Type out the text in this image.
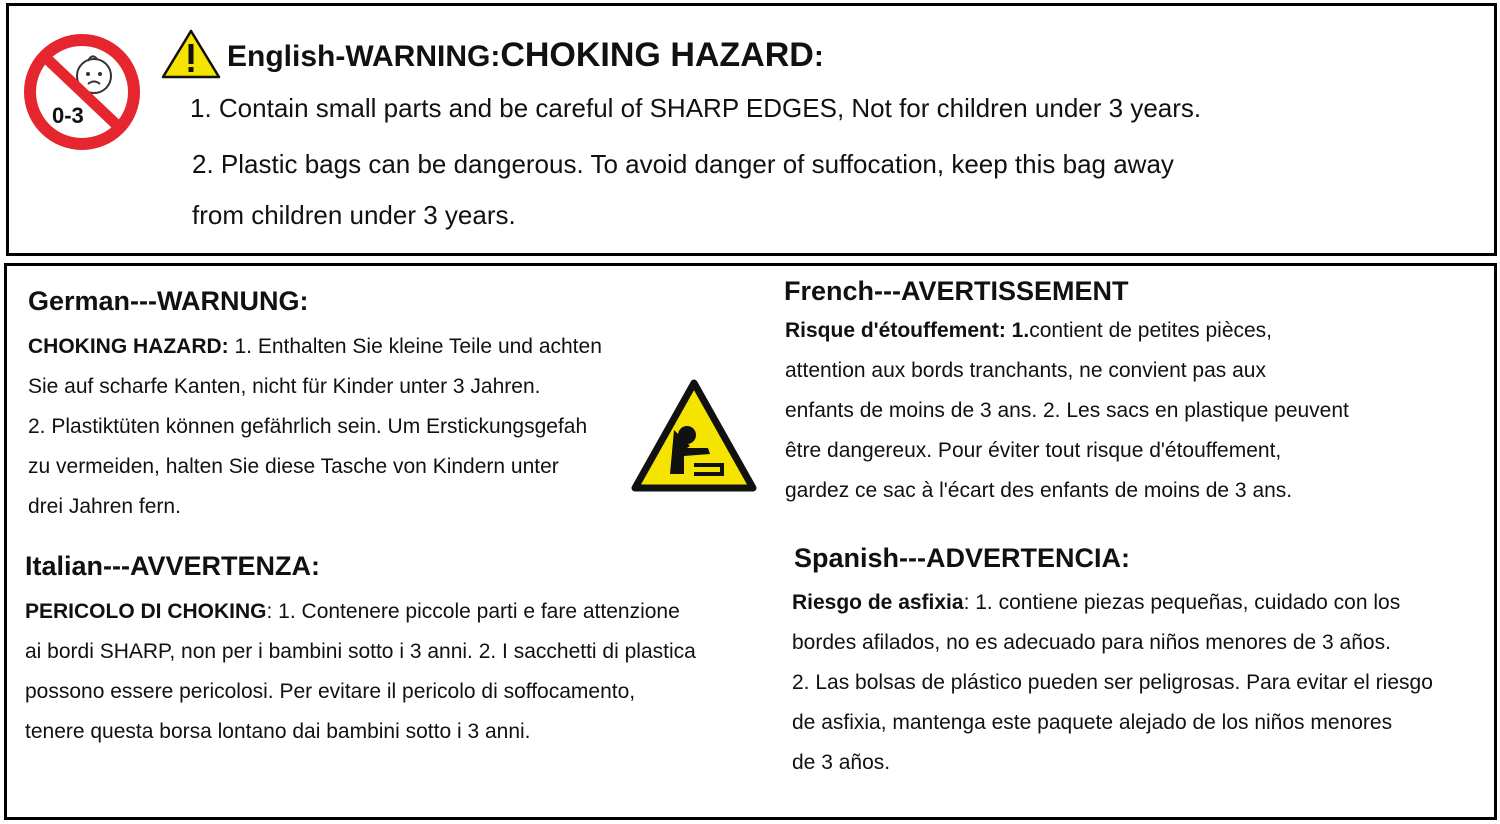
0-3
English-WARNING:CHOKING HAZARD:
1. Contain small parts and be careful of SHARP EDGES, Not for children under 3 years.
2. Plastic bags can be dangerous. To avoid danger of suffocation, keep this bag away
from children under 3 years.
German---WARNUNG:
CHOKING HAZARD: 1. Enthalten Sie kleine Teile und achten
Sie auf scharfe Kanten, nicht für Kinder unter 3 Jahren.
2. Plastiktüten können gefährlich sein. Um Erstickungsgefah
zu vermeiden, halten Sie diese Tasche von Kindern unter
drei Jahren fern.
French---AVERTISSEMENT
Risque d'étouffement: 1.contient de petites pièces,
attention aux bords tranchants, ne convient pas aux
enfants de moins de 3 ans. 2. Les sacs en plastique peuvent
être dangereux. Pour éviter tout risque d'étouffement,
gardez ce sac à l'écart des enfants de moins de 3 ans.
Italian---AVVERTENZA:
PERICOLO DI CHOKING: 1. Contenere piccole parti e fare attenzione
ai bordi SHARP, non per i bambini sotto i 3 anni. 2. I sacchetti di plastica
possono essere pericolosi. Per evitare il pericolo di soffocamento,
tenere questa borsa lontano dai bambini sotto i 3 anni.
Spanish---ADVERTENCIA:
Riesgo de asfixia: 1. contiene piezas pequeñas, cuidado con los
bordes afilados, no es adecuado para niños menores de 3 años.
2. Las bolsas de plástico pueden ser peligrosas. Para evitar el riesgo
de asfixia, mantenga este paquete alejado de los niños menores
de 3 años.
